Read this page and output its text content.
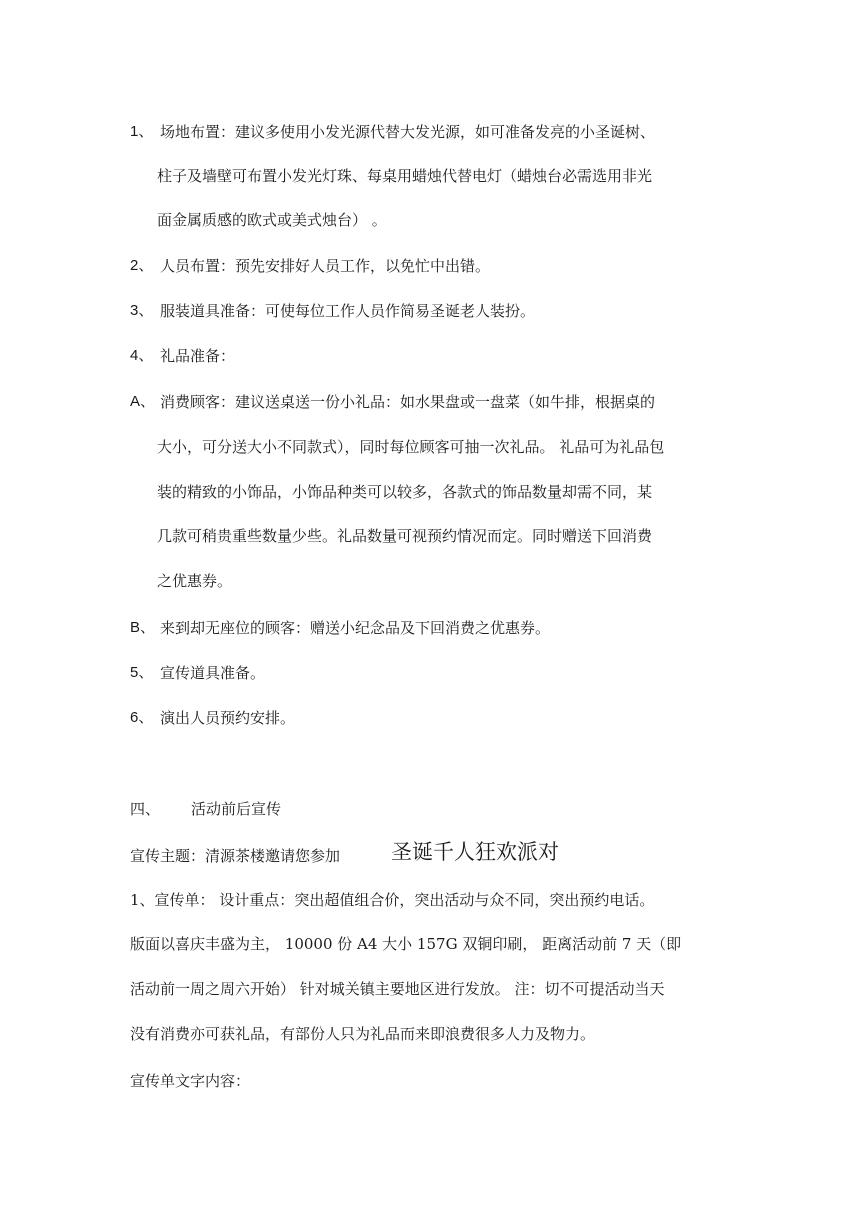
1、 场地布置：建议多使用小发光源代替大发光源，如可准备发亮的小圣诞树、
柱子及墙壁可布置小发光灯珠、每桌用蜡烛代替电灯（蜡烛台必需选用非光
面金属质感的欧式或美式烛台） 。
2、 人员布置：预先安排好人员工作，以免忙中出错。
3、 服装道具准备：可使每位工作人员作简易圣诞老人装扮。
4、 礼品准备：
A、 消费顾客：建议送桌送一份小礼品：如水果盘或一盘菜（如牛排，根据桌的
大小，可分送大小不同款式），同时每位顾客可抽一次礼品。 礼品可为礼品包
装的精致的小饰品，小饰品种类可以较多，各款式的饰品数量却需不同，某
几款可稍贵重些数量少些。礼品数量可视预约情况而定。同时赠送下回消费
之优惠券。
B、 来到却无座位的顾客：赠送小纪念品及下回消费之优惠券。
5、 宣传道具准备。
6、 演出人员预约安排。
四、 活动前后宣传
宣传主题：清源茶楼邀请您参加 圣诞千人狂欢派对
1、宣传单： 设计重点：突出超值组合价，突出活动与众不同，突出预约电话。
版面以喜庆丰盛为主， 10000 份 A4 大小 157G 双铜印刷， 距离活动前 7 天（即
活动前一周之周六开始） 针对城关镇主要地区进行发放。 注：切不可提活动当天
没有消费亦可获礼品，有部份人只为礼品而来即浪费很多人力及物力。
宣传单文字内容：
